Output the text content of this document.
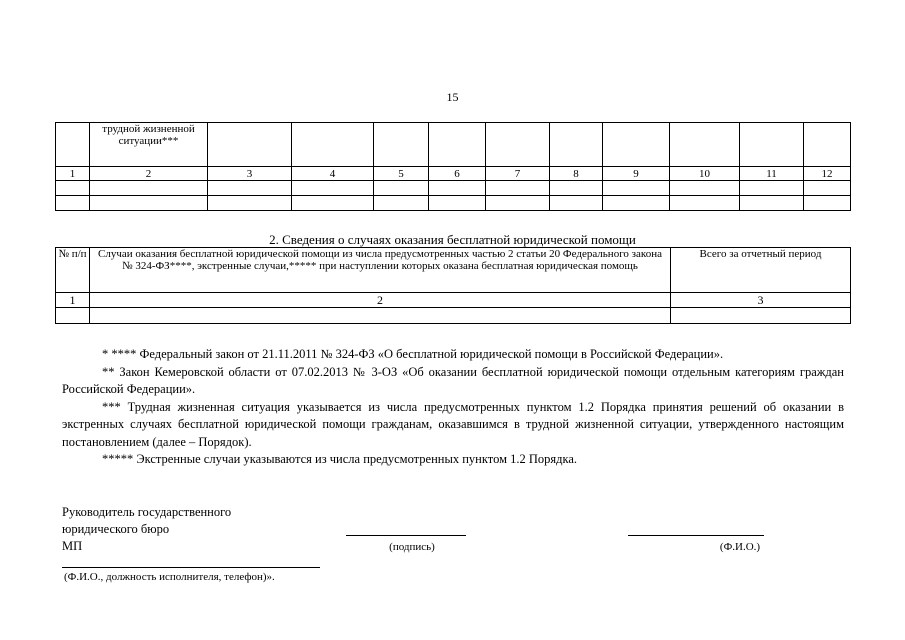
15
	трудной жизненной ситуации***										
1	2	3	4	5	6	7	8	9	10	11	12

2. Сведения о случаях оказания бесплатной юридической помощи
№ п/п	Случаи оказания бесплатной юридической помощи из числа предусмотренных частью 2 статьи 20 Федерального закона № 324-ФЗ****, экстренные случаи,***** при наступлении которых оказана бесплатная юридическая помощь	Всего за отчетный период
1	2	3

* **** Федеральный закон от 21.11.2011 № 324-ФЗ «О бесплатной юридической помощи в Российской Федерации».

** Закон Кемеровской области от 07.02.2013 № 3-ОЗ «Об оказании бесплатной юридической помощи отдельным категориям граждан Российской Федерации».

*** Трудная жизненная ситуация указывается из числа предусмотренных пунктом 1.2 Порядка принятия решений об оказании в экстренных случаях бесплатной юридической помощи гражданам, оказавшимся в трудной жизненной ситуации, утвержденного настоящим постановлением (далее – Порядок).

***** Экстренные случаи указываются из числа предусмотренных пунктом 1.2 Порядка.

Руководитель государственного
юридического бюро
МП	(подпись)	(Ф.И.О.)
(Ф.И.О., должность исполнителя, телефон)».
